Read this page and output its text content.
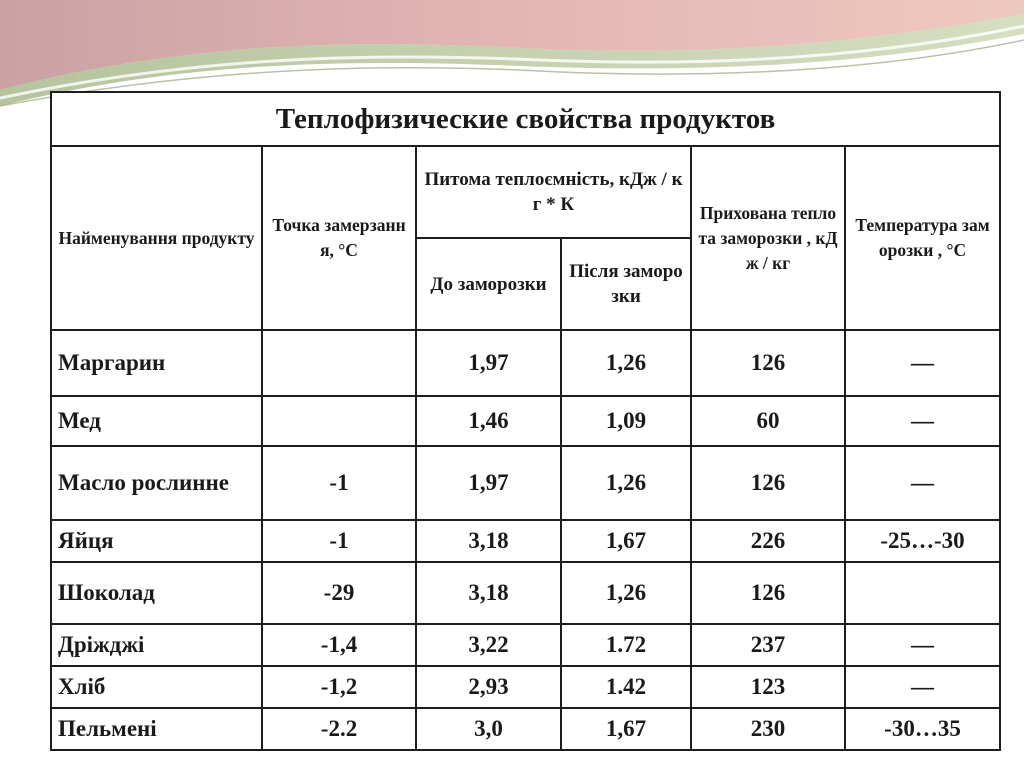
Теплофизические свойства продуктов					
Найменування продукту	Точка замерзання, °С	Питома теплоємність, кДж / кг * К		Прихована теплота заморозки , кДж / кг	Температура заморозки , °С
		До заморозки	Після заморозки		
Маргарин		1,97	1,26	126	—
Мед		1,46	1,09	60	—
Масло рослинне	-1	1,97	1,26	126	—
Яйця	-1	3,18	1,67	226	-25…-30
Шоколад	-29	3,18	1,26	126	
Дріжджі	-1,4	3,22	1.72	237	—
Хліб	-1,2	2,93	1.42	123	—
Пельмені	-2.2	3,0	1,67	230	-30…35
